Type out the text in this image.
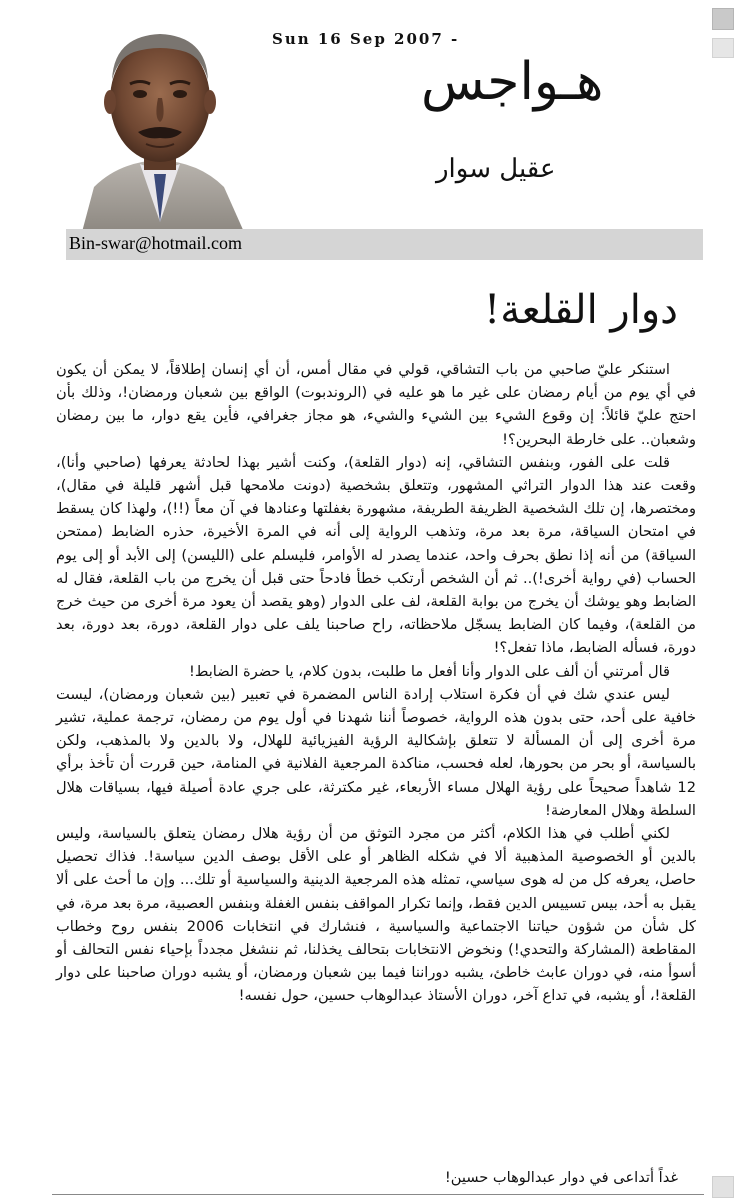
Sun 16 Sep 2007 -
هـواجس
عقيل سوار
Bin-swar@hotmail.com
دوار القلعة!

استنكر عليّ صاحبي من باب التشاقي، قولي في مقال أمس، أن أي إنسان إطلاقاً، لا يمكن أن يكون في أي يوم من أيام رمضان على غير ما هو عليه في (الروندبوت) الواقع بين شعبان ورمضان!، وذلك بأن احتج عليّ قائلاً: إن وقوع الشيء بين الشيء والشيء، هو مجاز جغرافي، فأين يقع دوار، ما بين رمضان وشعبان.. على خارطة البحرين؟!

قلت على الفور، وبنفس التشاقي، إنه (دوار القلعة)، وكنت أشير بهذا لحادثة يعرفها (صاحبي وأنا)، وقعت عند هذا الدوار التراثي المشهور، وتتعلق بشخصية (دونت ملامحها قبل أشهر قليلة في مقال)، ومختصرها، إن تلك الشخصية الظريفة الطريفة، مشهورة بغفلتها وعنادها في آن معاً (!!)، ولهذا كان يسقط في امتحان السياقة، مرة بعد مرة، وتذهب الرواية إلى أنه في المرة الأخيرة، حذره الضابط (ممتحن السياقة) من أنه إذا نطق بحرف واحد، عندما يصدر له الأوامر، فليسلم على (الليسن) إلى الأبد أو إلى يوم الحساب (في رواية أخرى!).. ثم أن الشخص أرتكب خطأ فادحاً حتى قبل أن يخرج من باب القلعة، فقال له الضابط وهو يوشك أن يخرج من بوابة القلعة، لف على الدوار (وهو يقصد أن يعود مرة أخرى من حيث خرج من القلعة)، وفيما كان الضابط يسجّل ملاحظاته، راح صاحبنا يلف على دوار القلعة، دورة، بعد دورة، بعد دورة، فسأله الضابط، ماذا تفعل؟!

قال أمرتني أن ألف على الدوار وأنا أفعل ما طلبت، بدون كلام، يا حضرة الضابط!

ليس عندي شك في أن فكرة استلاب إرادة الناس المضمرة في تعبير (بين شعبان ورمضان)، ليست خافية على أحد، حتى بدون هذه الرواية، خصوصاً أننا شهدنا في أول يوم من رمضان، ترجمة عملية، تشير مرة أخرى إلى أن المسألة لا تتعلق بإشكالية الرؤية الفيزيائية للهلال، ولا بالدين ولا بالمذهب، ولكن بالسياسة، أو بحر من بحورها، لعله فحسب، مناكدة المرجعية الفلانية في المنامة، حين قررت أن تأخذ برأي 12 شاهداً صحيحاً على رؤية الهلال مساء الأربعاء، غير مكترثة، على جري عادة أصيلة فيها، بسياقات هلال السلطة وهلال المعارضة!

لكني أطلب في هذا الكلام، أكثر من مجرد التوثق من أن رؤية هلال رمضان يتعلق بالسياسة، وليس بالدين أو الخصوصية المذهبية ألا في شكله الظاهر أو على الأقل بوصف الدين سياسة!. فذاك تحصيل حاصل، يعرفه كل من له هوى سياسي، تمثله هذه المرجعية الدينية والسياسية أو تلك... وإن ما أحث على ألا يقبل به أحد، بيس تسييس الدين فقط، وإنما تكرار المواقف بنفس الغفلة وبنفس العصبية، مرة بعد مرة، في كل شأن من شؤون حياتنا الاجتماعية والسياسية ، فنشارك في انتخابات 2006 بنفس روح وخطاب المقاطعة (المشاركة والتحدي!) ونخوض الانتخابات بتحالف يخذلنا، ثم ننشغل مجدداً بإحياء نفس التحالف أو أسوأ منه، في دوران عابث خاطئ، يشبه دوراننا فيما بين شعبان ورمضان، أو يشبه دوران صاحبنا على دوار القلعة!، أو يشبه، في تداع آخر، دوران الأستاذ عبدالوهاب حسين، حول نفسه!

غداً أتداعى في دوار عبدالوهاب حسين!
